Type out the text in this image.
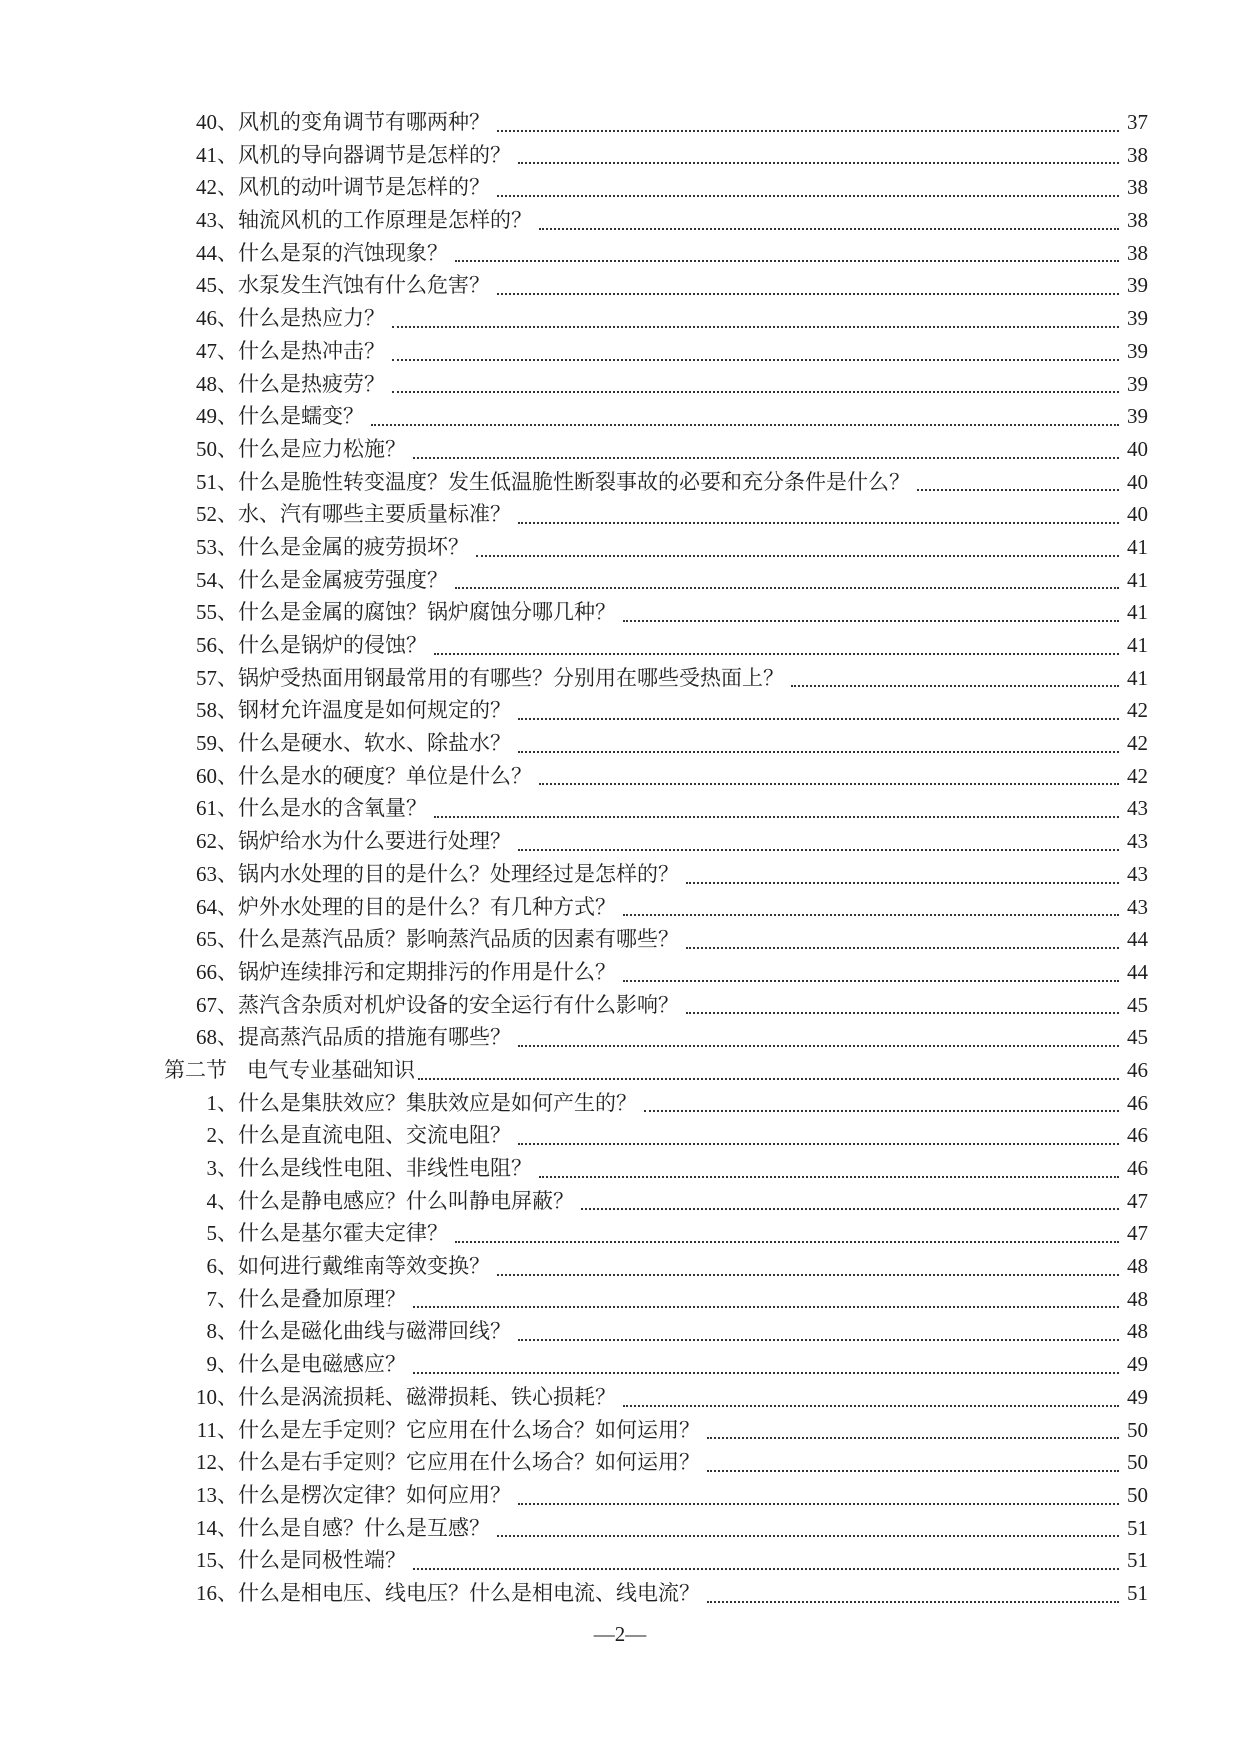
40、 风机的变角调节有哪两种？	37
41、 风机的导向器调节是怎样的？	38
42、 风机的动叶调节是怎样的？	38
43、 轴流风机的工作原理是怎样的？	38
44、 什么是泵的汽蚀现象？	38
45、 水泵发生汽蚀有什么危害？	39
46、 什么是热应力？	39
47、 什么是热冲击？	39
48、 什么是热疲劳？	39
49、 什么是蠕变？	39
50、 什么是应力松施？	40
51、 什么是脆性转变温度？发生低温脆性断裂事故的必要和充分条件是什么？	40
52、 水、汽有哪些主要质量标准？	40
53、 什么是金属的疲劳损坏？	41
54、 什么是金属疲劳强度？	41
55、 什么是金属的腐蚀？锅炉腐蚀分哪几种？	41
56、 什么是锅炉的侵蚀？	41
57、 锅炉受热面用钢最常用的有哪些？分别用在哪些受热面上？	41
58、 钢材允许温度是如何规定的？	42
59、 什么是硬水、软水、除盐水？	42
60、 什么是水的硬度？单位是什么？	42
61、 什么是水的含氧量？	43
62、 锅炉给水为什么要进行处理？	43
63、 锅内水处理的目的是什么？处理经过是怎样的？	43
64、 炉外水处理的目的是什么？有几种方式？	43
65、 什么是蒸汽品质？影响蒸汽品质的因素有哪些？	44
66、 锅炉连续排污和定期排污的作用是什么？	44
67、 蒸汽含杂质对机炉设备的安全运行有什么影响？	45
68、 提高蒸汽品质的措施有哪些？	45
第二节 电气专业基础知识	46
1、 什么是集肤效应？集肤效应是如何产生的？	46
2、 什么是直流电阻、交流电阻？	46
3、 什么是线性电阻、非线性电阻？	46
4、 什么是静电感应？什么叫静电屏蔽？	47
5、 什么是基尔霍夫定律？	47
6、 如何进行戴维南等效变换？	48
7、 什么是叠加原理？	48
8、 什么是磁化曲线与磁滞回线？	48
9、 什么是电磁感应？	49
10、 什么是涡流损耗、磁滞损耗、铁心损耗？	49
11、 什么是左手定则？它应用在什么场合？如何运用？	50
12、 什么是右手定则？它应用在什么场合？如何运用？	50
13、 什么是楞次定律？如何应用？	50
14、 什么是自感？什么是互感？	51
15、 什么是同极性端？	51
16、 什么是相电压、线电压？什么是相电流、线电流？	51
—2—
